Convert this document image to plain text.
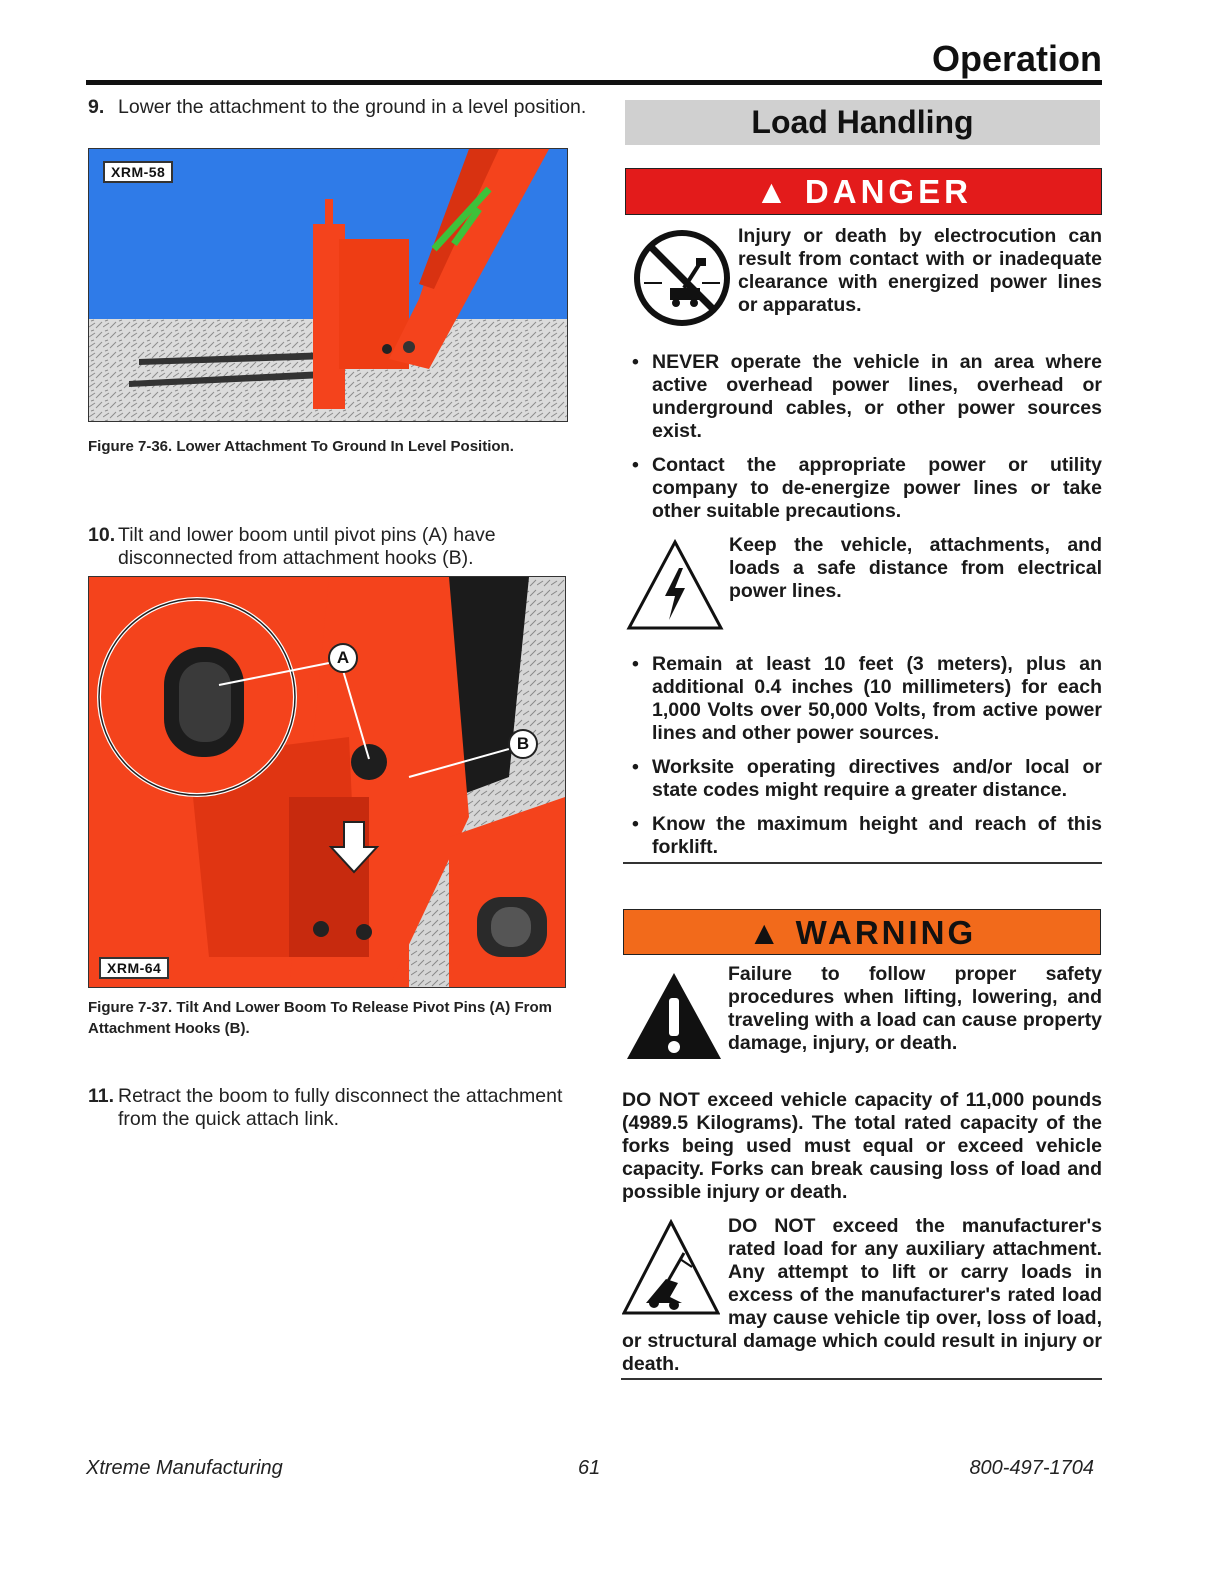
Operation

9. Lower the attachment to the ground in a level position.

XRM-58

Figure 7-36. Lower Attachment To Ground In Level Position.

10. Tilt and lower boom until pivot pins (A) have disconnected from attachment hooks (B).

A
B
XRM-64

Figure 7-37. Tilt And Lower Boom To Release Pivot Pins (A) From Attachment Hooks (B).

11. Retract the boom to fully disconnect the attachment from the quick attach link.

Load Handling
▲ DANGER

Injury or death by electrocution can result from contact with or inadequate clearance with energized power lines or apparatus.

• NEVER operate the vehicle in an area where active overhead power lines, overhead or underground cables, or other power sources exist.
• Contact the appropriate power or utility company to de-energize power lines or take other suitable precautions.

Keep the vehicle, attachments, and loads a safe distance from electrical power lines.

• Remain at least 10 feet (3 meters), plus an additional 0.4 inches (10 millimeters) for each 1,000 Volts over 50,000 Volts, from active power lines and other power sources.
• Worksite operating directives and/or local or state codes might require a greater distance.
• Know the maximum height and reach of this forklift.
▲ WARNING

Failure to follow proper safety procedures when lifting, lowering, and traveling with a load can cause property damage, injury, or death.

DO NOT exceed vehicle capacity of 11,000 pounds (4989.5 Kilograms). The total rated capacity of the forks being used must equal or exceed vehicle capacity. Forks can break causing loss of load and possible injury or death.

DO NOT exceed the manufacturer's rated load for any auxiliary attachment. Any attempt to lift or carry loads in excess of the manufacturer's rated load may cause vehicle tip over, loss of load, or structural damage which could result in injury or death.

Xtreme Manufacturing	61	800-497-1704
